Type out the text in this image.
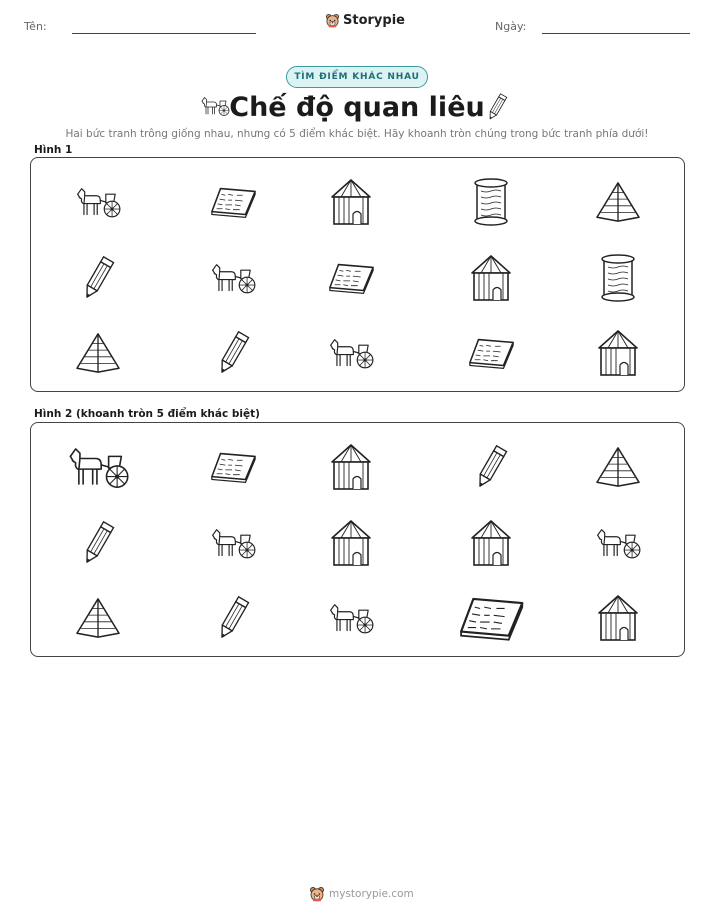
Tên:	Storypie	Ngày:
TÌM ĐIỂM KHÁC NHAU
Chế độ quan liêu
Hai bức tranh trông giống nhau, nhưng có 5 điểm khác biệt. Hãy khoanh tròn chúng trong bức tranh phía dưới!
Hình 1
Hình 2 (khoanh tròn 5 điểm khác biệt)
mystorypie.com
